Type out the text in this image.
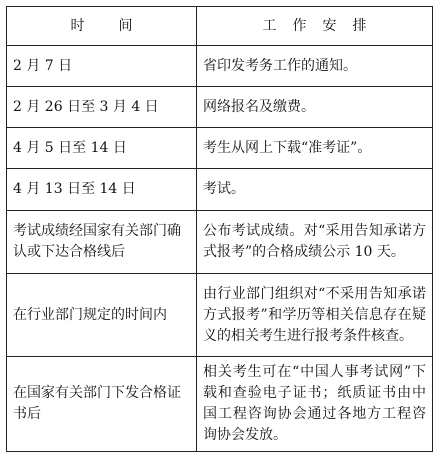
时间	工作安排
2 月 7 日	省印发考务工作的通知。
2 月 26 日至 3 月 4 日	网络报名及缴费。
4 月 5 日至 14 日	考生从网上下载“准考证”。
4 月 13 日至 14 日	考试。
考试成绩经国家有关部门确认或下达合格线后	公布考试成绩。对“采用告知承诺方式报考”的合格成绩公示 10 天。
在行业部门规定的时间内	由行业部门组织对“不采用告知承诺方式报考”和学历等相关信息存在疑义的相关考生进行报考条件核查。
在国家有关部门下发合格证书后	相关考生可在“中国人事考试网”下载和查验电子证书；纸质证书由中国工程咨询协会通过各地方工程咨询协会发放。
